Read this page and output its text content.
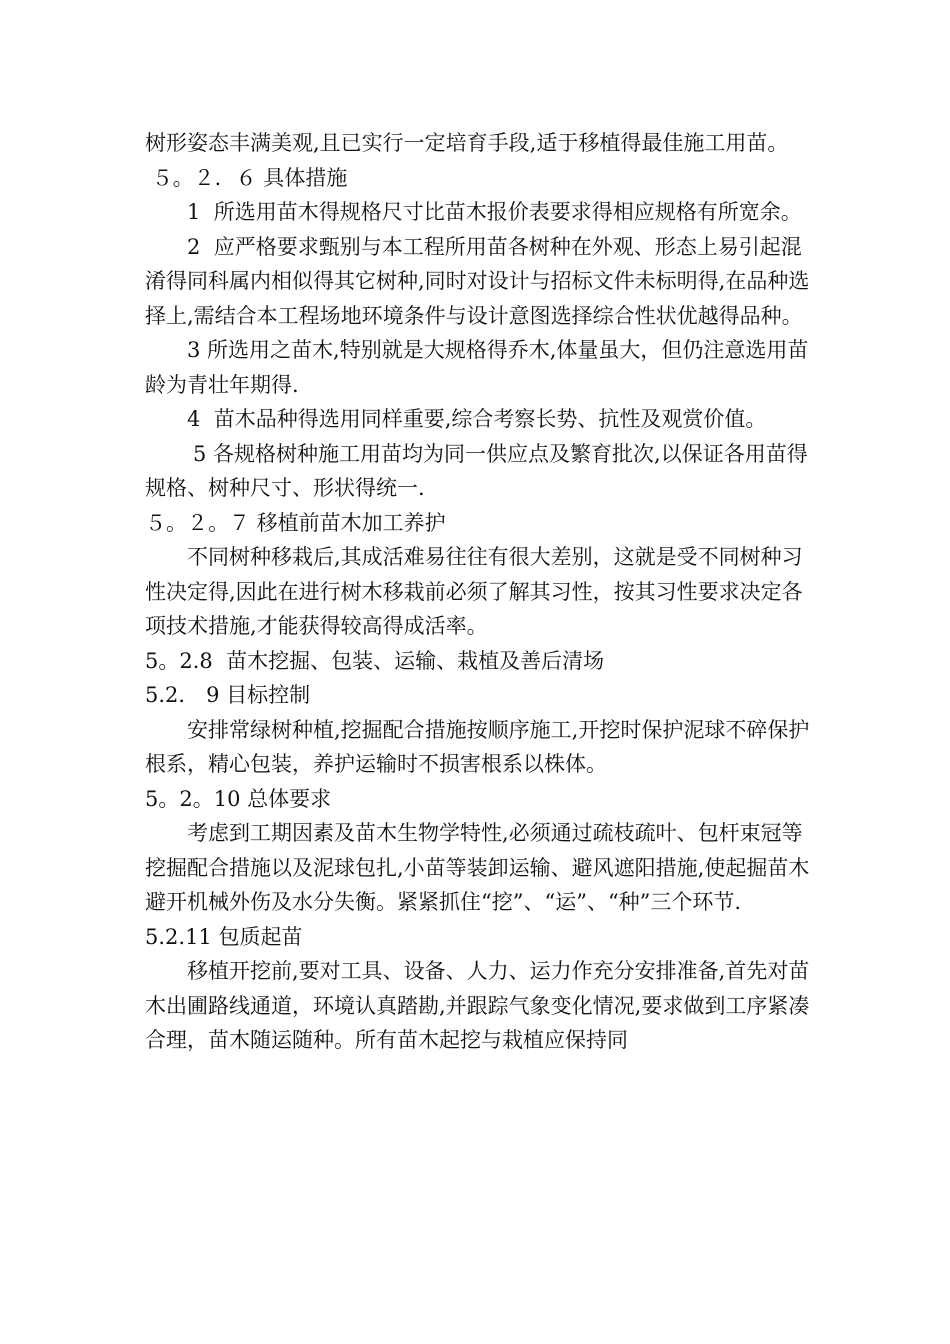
树形姿态丰满美观,且已实行一定培育手段,适于移植得最佳施工用苗。

５。２．６ 具体措施

1  所选用苗木得规格尺寸比苗木报价表要求得相应规格有所宽余。

2  应严格要求甄别与本工程所用苗各树种在外观、形态上易引起混淆得同科属内相似得其它树种,同时对设计与招标文件未标明得,在品种选择上,需结合本工程场地环境条件与设计意图选择综合性状优越得品种。

3 所选用之苗木,特别就是大规格得乔木,体量虽大，但仍注意选用苗龄为青壮年期得.

4  苗木品种得选用同样重要,综合考察长势、抗性及观赏价值。

5 各规格树种施工用苗均为同一供应点及繁育批次,以保证各用苗得规格、树种尺寸、形状得统一.

５。２。７ 移植前苗木加工养护

不同树种移栽后,其成活难易往往有很大差别，这就是受不同树种习性决定得,因此在进行树木移栽前必须了解其习性，按其习性要求决定各项技术措施,才能获得较高得成活率。

5。2.8  苗木挖掘、包装、运输、栽植及善后清场

5.2． 9 目标控制

安排常绿树种植,挖掘配合措施按顺序施工,开挖时保护泥球不碎保护根系，精心包装，养护运输时不损害根系以株体。

5。2。10 总体要求

考虑到工期因素及苗木生物学特性,必须通过疏枝疏叶、包杆束冠等挖掘配合措施以及泥球包扎,小苗等装卸运输、避风遮阳措施,使起掘苗木避开机械外伤及水分失衡。紧紧抓住“挖”、“运”、“种”三个环节.

5.2.11 包质起苗

移植开挖前,要对工具、设备、人力、运力作充分安排准备,首先对苗木出圃路线通道，环境认真踏勘,并跟踪气象变化情况,要求做到工序紧凑合理，苗木随运随种。所有苗木起挖与栽植应保持同
